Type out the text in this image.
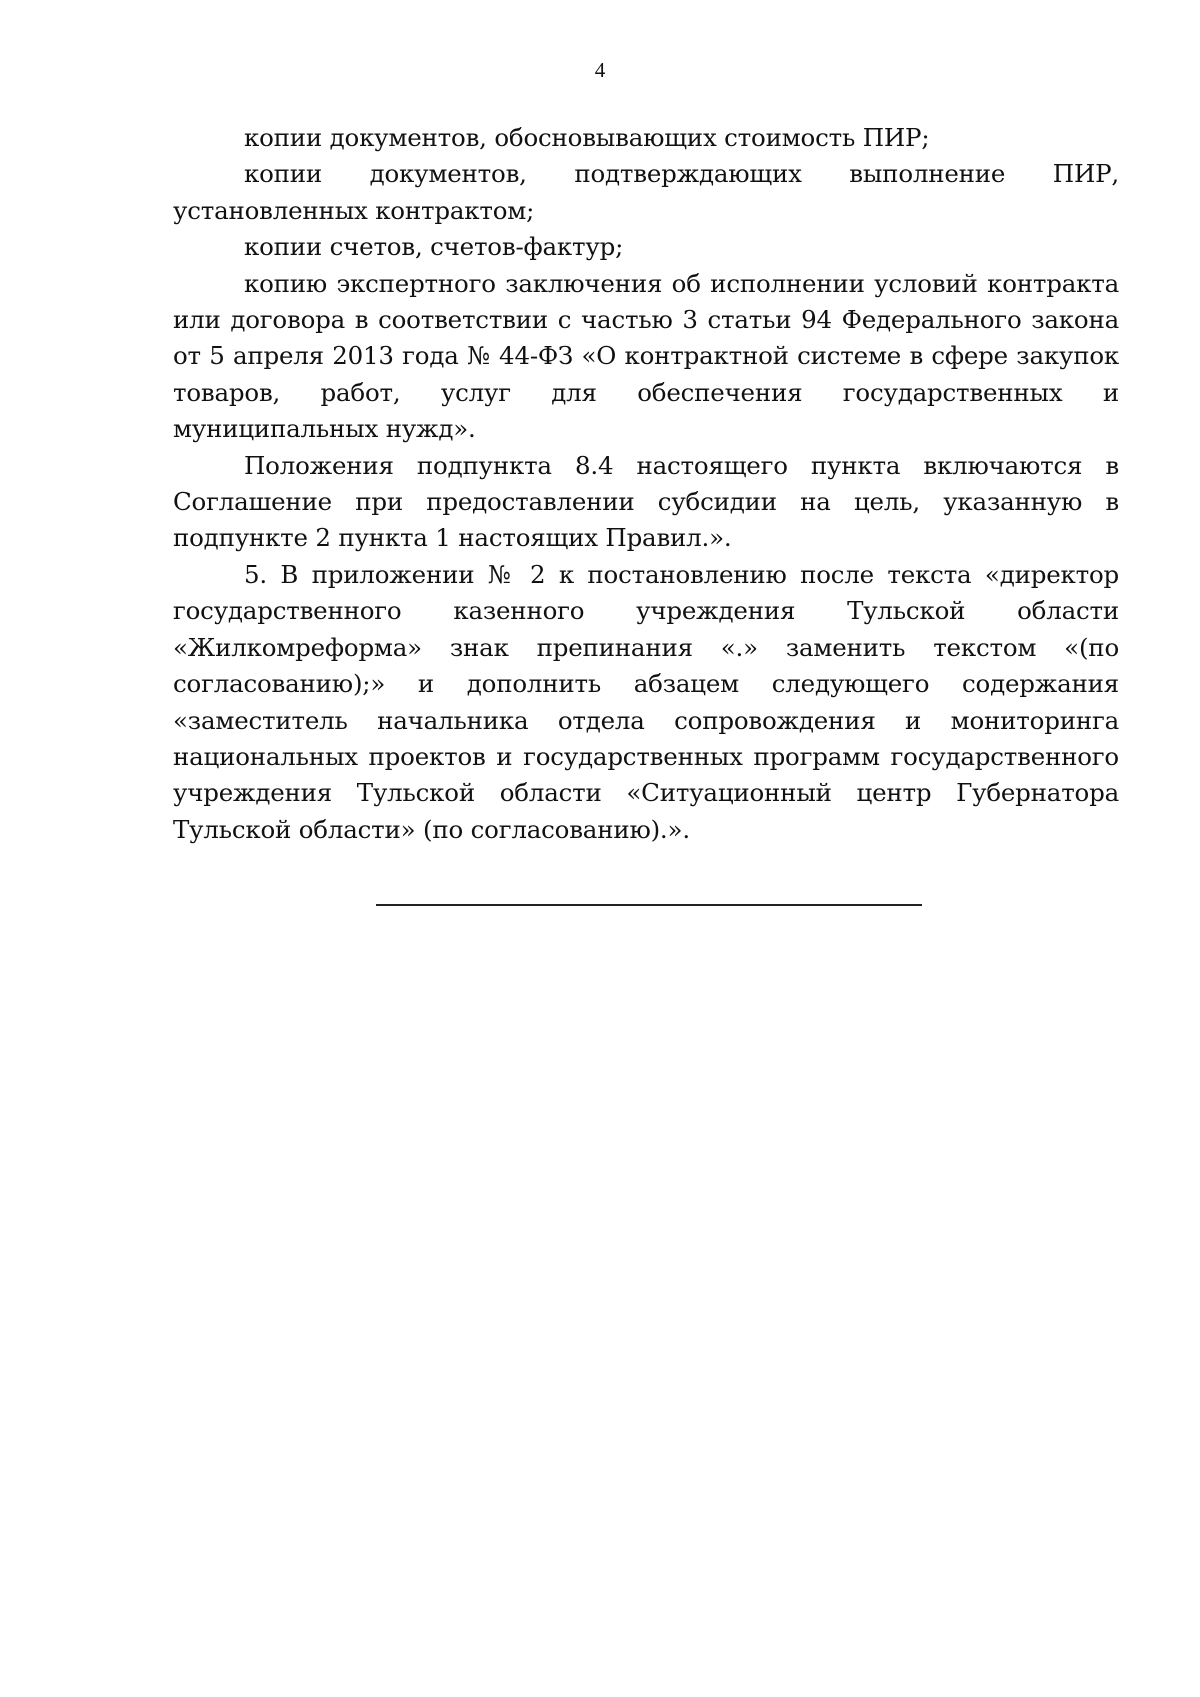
4

копии документов, обосновывающих стоимость ПИР;

копии документов, подтверждающих выполнение ПИР, установленных контрактом;

копии счетов, счетов-фактур;

копию экспертного заключения об исполнении условий контракта или договора в соответствии с частью 3 статьи 94 Федерального закона от 5 апреля 2013 года № 44-ФЗ «О контрактной системе в сфере закупок товаров, работ, услуг для обеспечения государственных и муниципальных нужд».

Положения подпункта 8.4 настоящего пункта включаются в Соглашение при предоставлении субсидии на цель, указанную в подпункте 2 пункта 1 настоящих Правил.».

5. В приложении № 2 к постановлению после текста «директор государственного казенного учреждения Тульской области «Жилкомреформа» знак препинания «.» заменить текстом «(по согласованию);» и дополнить абзацем следующего содержания «заместитель начальника отдела сопровождения и мониторинга национальных проектов и государственных программ государственного учреждения Тульской области «Ситуационный центр Губернатора Тульской области» (по согласованию).».
